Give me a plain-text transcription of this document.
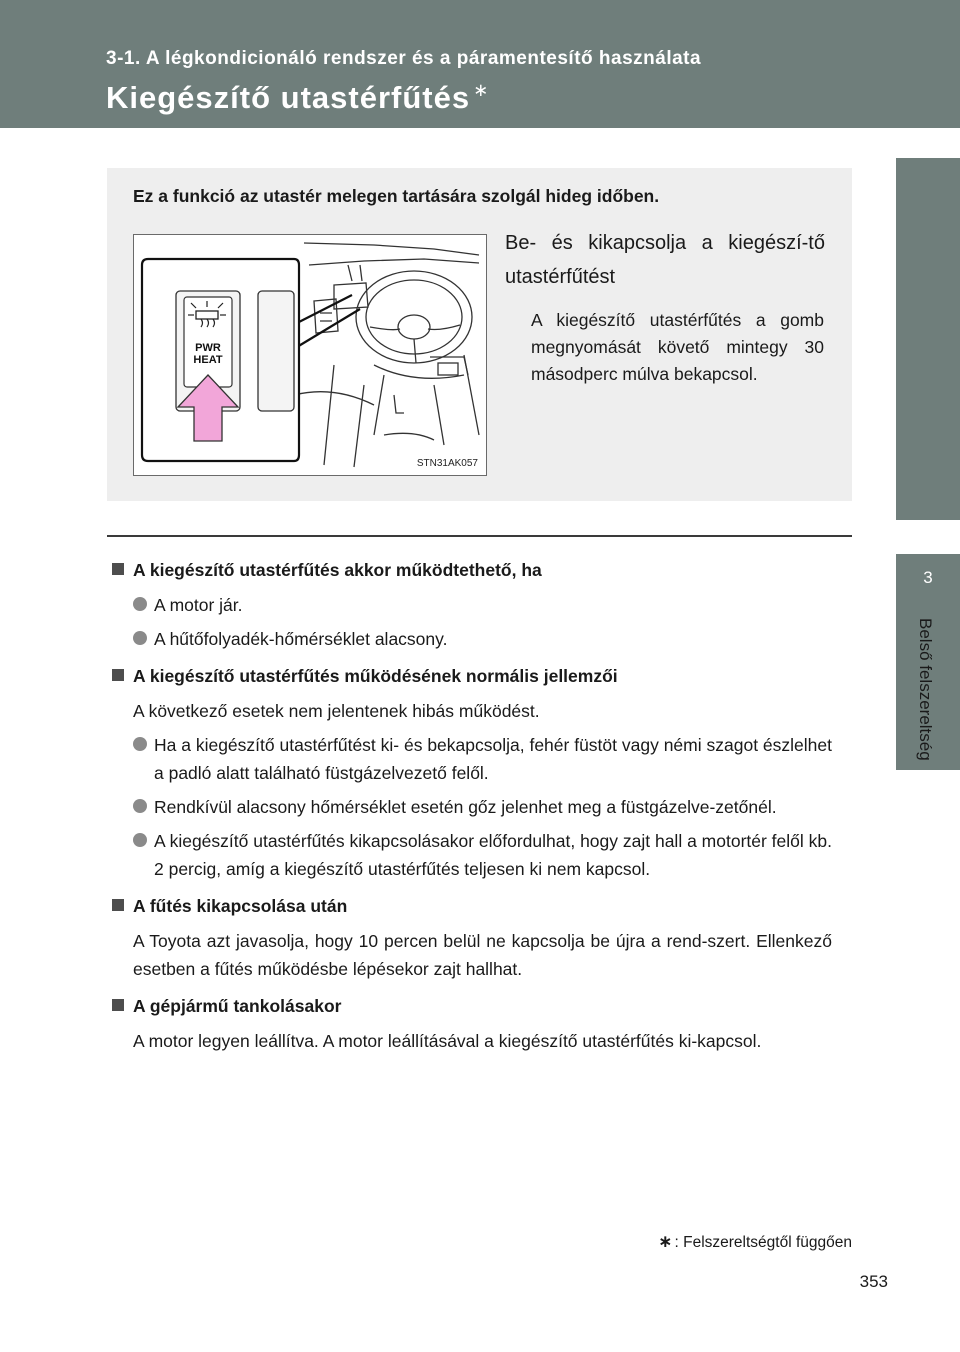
3-1. A légkondicionáló rendszer és a páramentesítő használata
Kiegészítő utastérfűtés ∗
3
Belső felszereltség
Ez a funkció az utastér melegen tartására szolgál hideg időben.
PWR
HEAT
STN31AK057
Be- és kikapcsolja a kiegészí-tő utastérfűtést
A kiegészítő utastérfűtés a gomb megnyomását követő mintegy 30 másodperc múlva bekapcsol.
A kiegészítő utastérfűtés akkor működtethető, ha
A motor jár.
A hűtőfolyadék-hőmérséklet alacsony.
A kiegészítő utastérfűtés működésének normális jellemzői
A következő esetek nem jelentenek hibás működést.
Ha a kiegészítő utastérfűtést ki- és bekapcsolja, fehér füstöt vagy némi szagot észlelhet a padló alatt található füstgázelvezető felől.
Rendkívül alacsony hőmérséklet esetén gőz jelenhet meg a füstgázelve-zetőnél.
A kiegészítő utastérfűtés kikapcsolásakor előfordulhat, hogy zajt hall a motortér felől kb. 2 percig, amíg a kiegészítő utastérfűtés teljesen ki nem kapcsol.
A fűtés kikapcsolása után
A Toyota azt javasolja, hogy 10 percen belül ne kapcsolja be újra a rend-szert. Ellenkező esetben a fűtés működésbe lépésekor zajt hallhat.
A gépjármű tankolásakor
A motor legyen leállítva. A motor leállításával a kiegészítő utastérfűtés ki-kapcsol.
∗ : Felszereltségtől függően
353
